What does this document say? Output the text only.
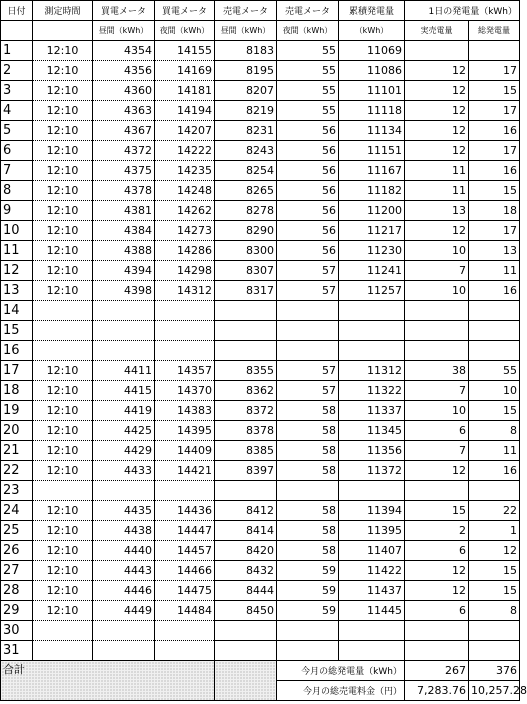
日付	測定時間	買電メータ	買電メータ	売電メータ	売電メータ	累積発電量	1日の発電量（kWh）	
		昼間（kWh）	夜間（kWh）	昼間（kWh）	夜間（kWh）	（kWh）	実売電量	総発電量
1	12:10	4354	14155	8183	55	11069		
2	12:10	4356	14169	8195	55	11086	12	17
3	12:10	4360	14181	8207	55	11101	12	15
4	12:10	4363	14194	8219	55	11118	12	17
5	12:10	4367	14207	8231	56	11134	12	16
6	12:10	4372	14222	8243	56	11151	12	17
7	12:10	4375	14235	8254	56	11167	11	16
8	12:10	4378	14248	8265	56	11182	11	15
9	12:10	4381	14262	8278	56	11200	13	18
10	12:10	4384	14273	8290	56	11217	12	17
11	12:10	4388	14286	8300	56	11230	10	13
12	12:10	4394	14298	8307	57	11241	7	11
13	12:10	4398	14312	8317	57	11257	10	16
14								
15								
16								
17	12:10	4411	14357	8355	57	11312	38	55
18	12:10	4415	14370	8362	57	11322	7	10
19	12:10	4419	14383	8372	58	11337	10	15
20	12:10	4425	14395	8378	58	11345	6	8
21	12:10	4429	14409	8385	58	11356	7	11
22	12:10	4433	14421	8397	58	11372	12	16
23								
24	12:10	4435	14436	8412	58	11394	15	22
25	12:10	4438	14447	8414	58	11395	2	1
26	12:10	4440	14457	8420	58	11407	6	12
27	12:10	4443	14466	8432	59	11422	12	15
28	12:10	4446	14475	8444	59	11437	12	15
29	12:10	4449	14484	8450	59	11445	6	8
30								
31								
合計					今月の総発電量（kWh）		267	376
					今月の総売電料金（円）		7,283.76	10,257.28
